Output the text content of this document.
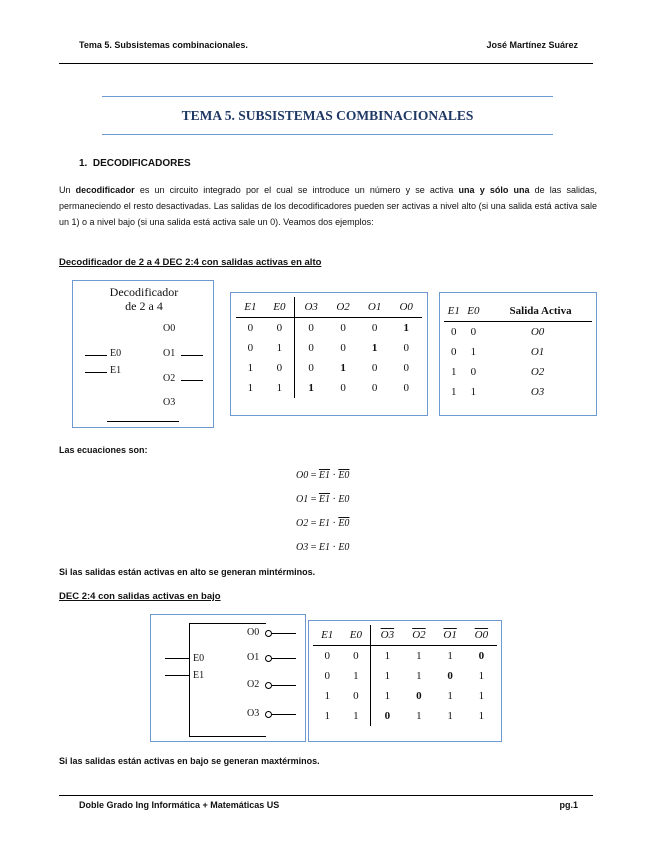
Tema 5. Subsistemas combinacionales.	José Martínez Suárez
TEMA 5. SUBSISTEMAS COMBINACIONALES
1. DECODIFICADORES
Un decodificador es un circuito integrado por el cual se introduce un número y se activa una y sólo una de las salidas, permaneciendo el resto desactivadas. Las salidas de los decodificadores pueden ser activas a nivel alto (si una salida está activa sale un 1) o a nivel bajo (si una salida está activa sale un 0). Veamos dos ejemplos:
Decodificador de 2 a 4 DEC 2:4 con salidas activas en alto
Decodificador
de 2 a 4
O0
O1
O2
O3
E0
E1
E1	E0	O3	O2	O1	O0
0	0	0	0	0	1
0	1	0	0	1	0
1	0	0	1	0	0
1	1	1	0	0	0
E1	E0	Salida Activa
0	0	O0
0	1	O1
1	0	O2
1	1	O3
Las ecuaciones son:
O0 = E1 · E0
O1 = E1 · E0
O2 = E1 · E0
O3 = E1 · E0
Si las salidas están activas en alto se generan mintérminos.
DEC 2:4 con salidas activas en bajo
E0
E1
O0
O1
O2
O3
E1	E0	O3	O2	O1	O0
0	0	1	1	1	0
0	1	1	1	0	1
1	0	1	0	1	1
1	1	0	1	1	1
Si las salidas están activas en bajo se generan maxtérminos.
Doble Grado Ing Informática + Matemáticas US	pg.1
